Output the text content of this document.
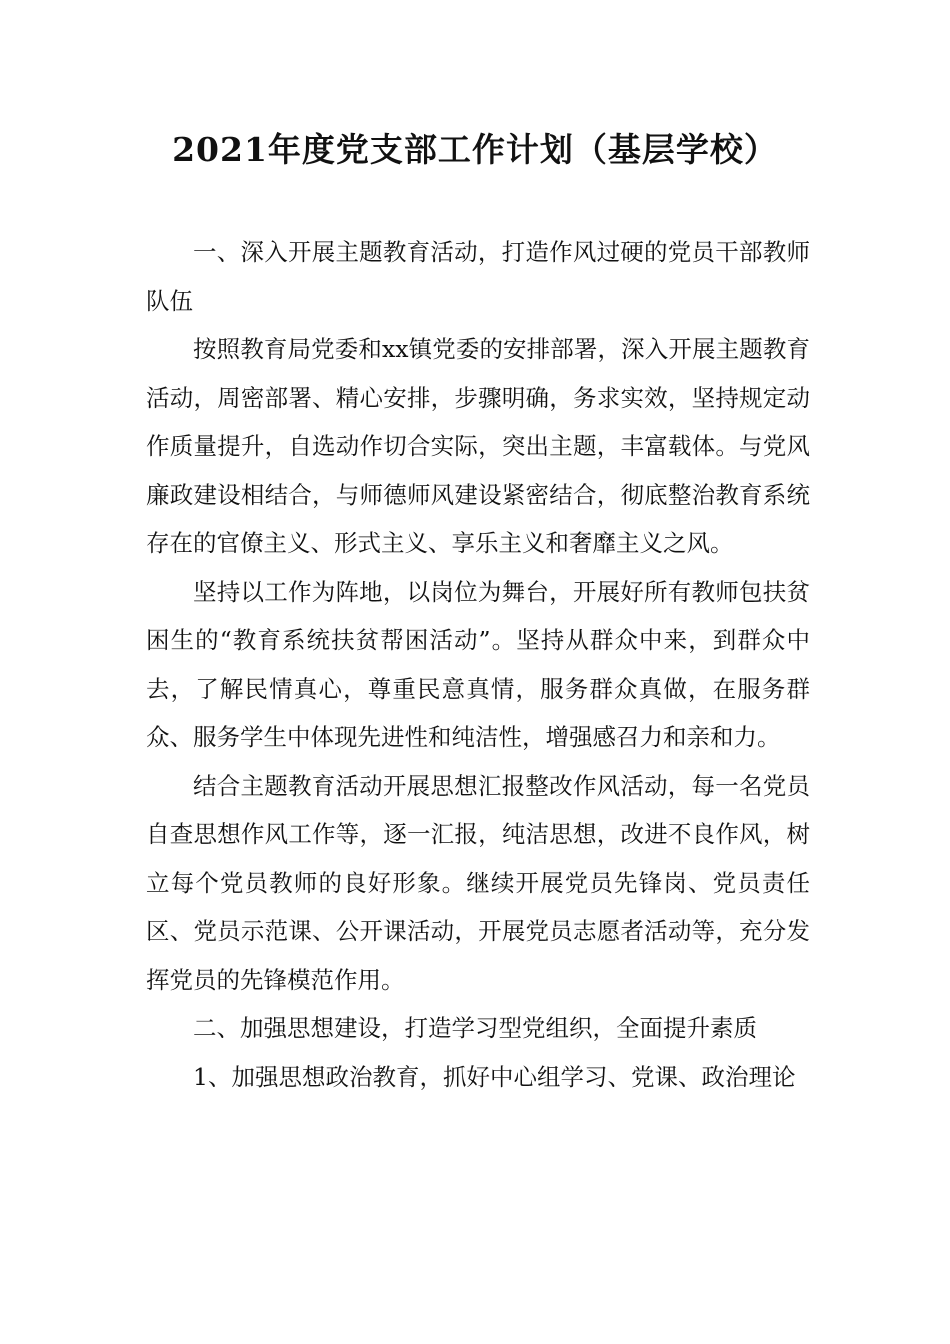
2021年度党支部工作计划（基层学校）

一、深入开展主题教育活动，打造作风过硬的党员干部教师队伍

按照教育局党委和xx镇党委的安排部署，深入开展主题教育活动，周密部署、精心安排，步骤明确，务求实效，坚持规定动作质量提升，自选动作切合实际，突出主题，丰富载体。与党风廉政建设相结合，与师德师风建设紧密结合，彻底整治教育系统存在的官僚主义、形式主义、享乐主义和奢靡主义之风。

坚持以工作为阵地，以岗位为舞台，开展好所有教师包扶贫困生的“教育系统扶贫帮困活动”。坚持从群众中来，到群众中去，了解民情真心，尊重民意真情，服务群众真做，在服务群众、服务学生中体现先进性和纯洁性，增强感召力和亲和力。

结合主题教育活动开展思想汇报整改作风活动，每一名党员自查思想作风工作等，逐一汇报，纯洁思想，改进不良作风，树立每个党员教师的良好形象。继续开展党员先锋岗、党员责任区、党员示范课、公开课活动，开展党员志愿者活动等，充分发挥党员的先锋模范作用。

二、加强思想建设，打造学习型党组织，全面提升素质

1、加强思想政治教育，抓好中心组学习、党课、政治理论
